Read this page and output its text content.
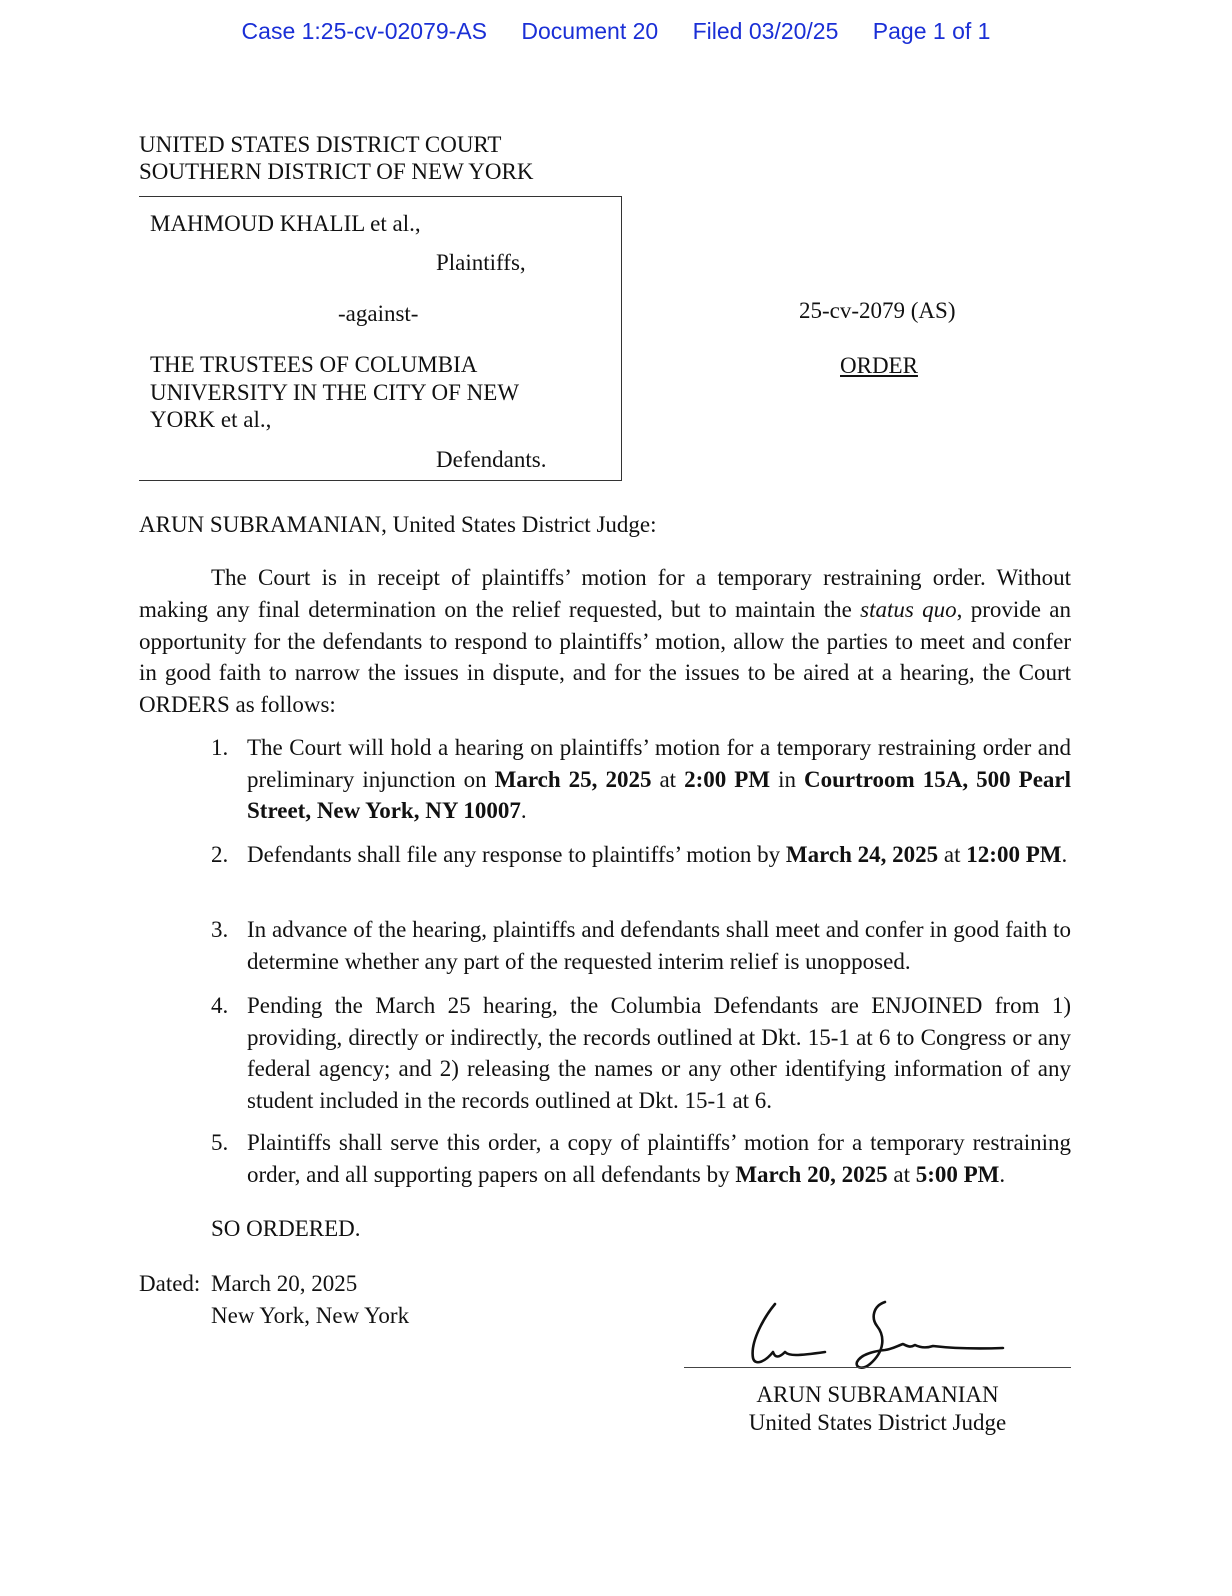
Case 1:25-cv-02079-AS Document 20 Filed 03/20/25 Page 1 of 1
UNITED STATES DISTRICT COURT
SOUTHERN DISTRICT OF NEW YORK
MAHMOUD KHALIL et al.,
Plaintiffs,
-against-
THE TRUSTEES OF COLUMBIA
UNIVERSITY IN THE CITY OF NEW
YORK et al.,
Defendants.
25-cv-2079 (AS)
ORDER
ARUN SUBRAMANIAN, United States District Judge:
The Court is in receipt of plaintiffs’ motion for a temporary restraining order. Without making any final determination on the relief requested, but to maintain the status quo, provide an opportunity for the defendants to respond to plaintiffs’ motion, allow the parties to meet and confer in good faith to narrow the issues in dispute, and for the issues to be aired at a hearing, the Court ORDERS as follows:
1. The Court will hold a hearing on plaintiffs’ motion for a temporary restraining order and preliminary injunction on March 25, 2025 at 2:00 PM in Courtroom 15A, 500 Pearl Street, New York, NY 10007.
2. Defendants shall file any response to plaintiffs’ motion by March 24, 2025 at 12:00 PM.
3. In advance of the hearing, plaintiffs and defendants shall meet and confer in good faith to determine whether any part of the requested interim relief is unopposed.
4. Pending the March 25 hearing, the Columbia Defendants are ENJOINED from 1) providing, directly or indirectly, the records outlined at Dkt. 15-1 at 6 to Congress or any federal agency; and 2) releasing the names or any other identifying information of any student included in the records outlined at Dkt. 15-1 at 6.
5. Plaintiffs shall serve this order, a copy of plaintiffs’ motion for a temporary restraining order, and all supporting papers on all defendants by March 20, 2025 at 5:00 PM.
SO ORDERED.
Dated: March 20, 2025
New York, New York
ARUN SUBRAMANIAN
United States District Judge
